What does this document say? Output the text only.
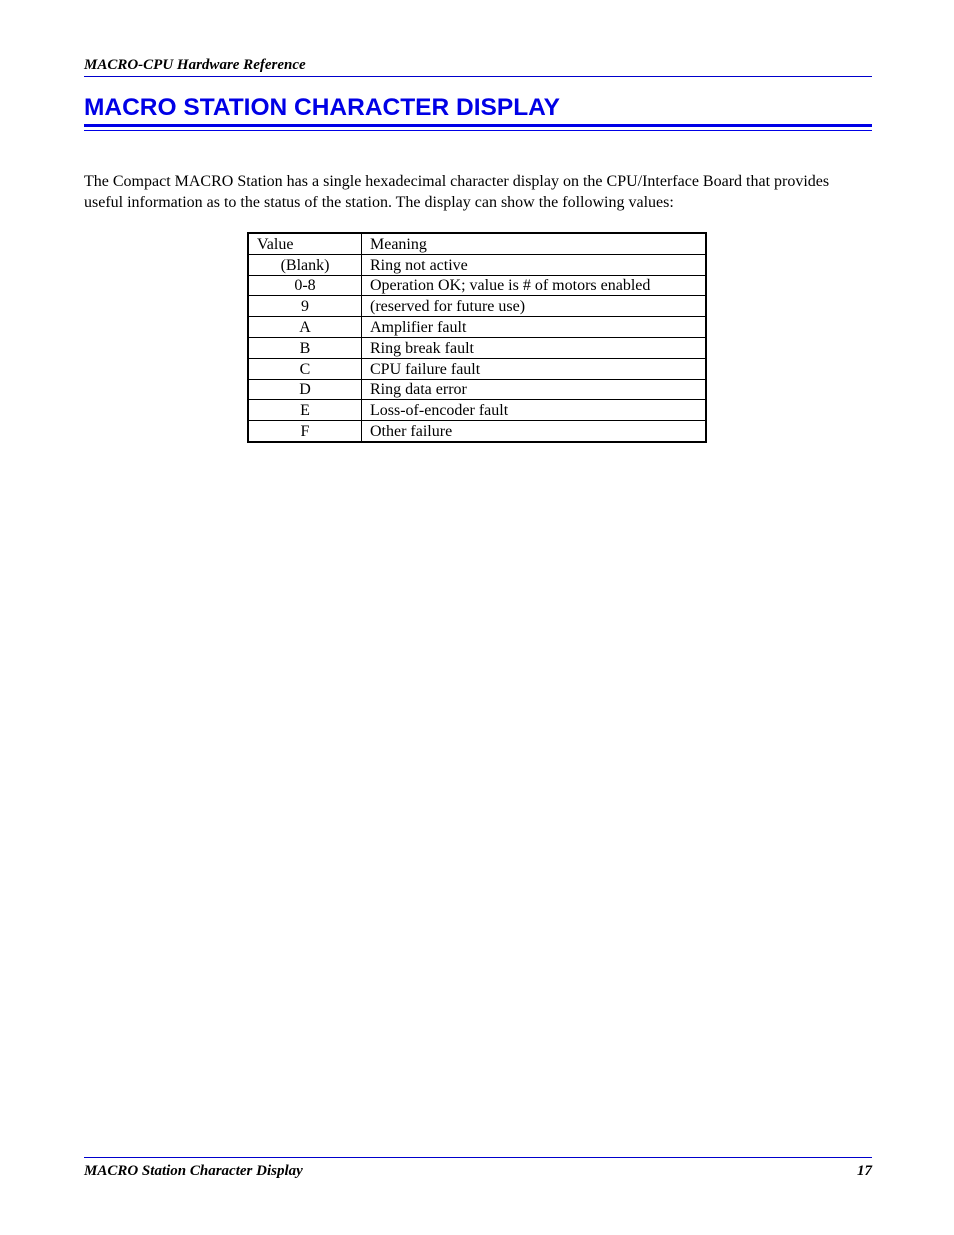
MACRO-CPU Hardware Reference
MACRO STATION CHARACTER DISPLAY

The Compact MACRO Station has a single hexadecimal character display on the CPU/Interface Board that provides useful information as to the status of the station. The display can show the following values:

Value	Meaning
(Blank)	Ring not active
0-8	Operation OK; value is # of motors enabled
9	(reserved for future use)
A	Amplifier fault
B	Ring break fault
C	CPU failure fault
D	Ring data error
E	Loss-of-encoder fault
F	Other failure
MACRO Station Character Display	17
